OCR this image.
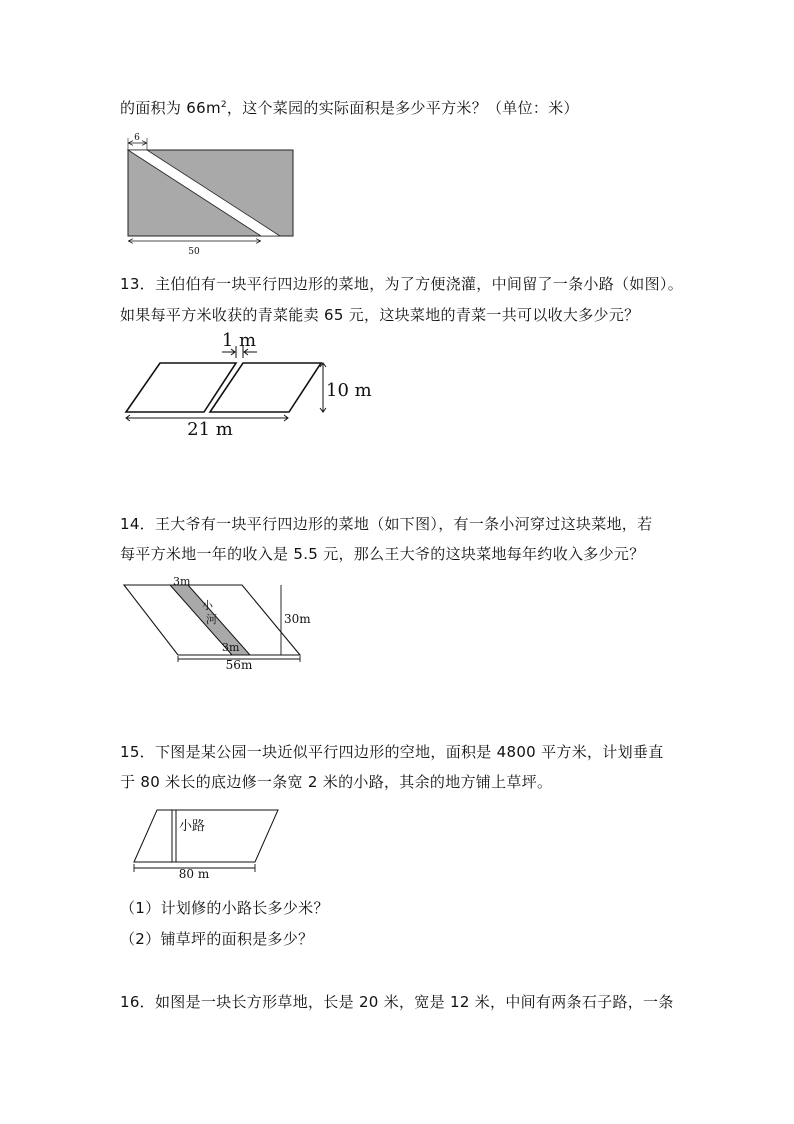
的面积为 $66m^2$，这个菜园的实际面积是多少平方米？（单位：米）
6
50
13．主伯伯有一块平行四边形的菜地，为了方便浇灌，中间留了一条小路（如图）。
如果每平方米收获的青菜能卖 65 元，这块菜地的青菜一共可以收大多少元？
1 m
10 m
21 m
14．王大爷有一块平行四边形的菜地（如下图），有一条小河穿过这块菜地，若
每平方米地一年的收入是 5.5 元，那么王大爷的这块菜地每年约收入多少元？
3m
3m
小
河	30m
56m
15．下图是某公园一块近似平行四边形的空地，面积是 4800 平方米，计划垂直
于 80 米长的底边修一条宽 2 米的小路，其余的地方铺上草坪。
小路
80 m
（1）计划修的小路长多少米？
（2）铺草坪的面积是多少？
16．如图是一块长方形草地，长是 20 米，宽是 12 米，中间有两条石子路，一条
